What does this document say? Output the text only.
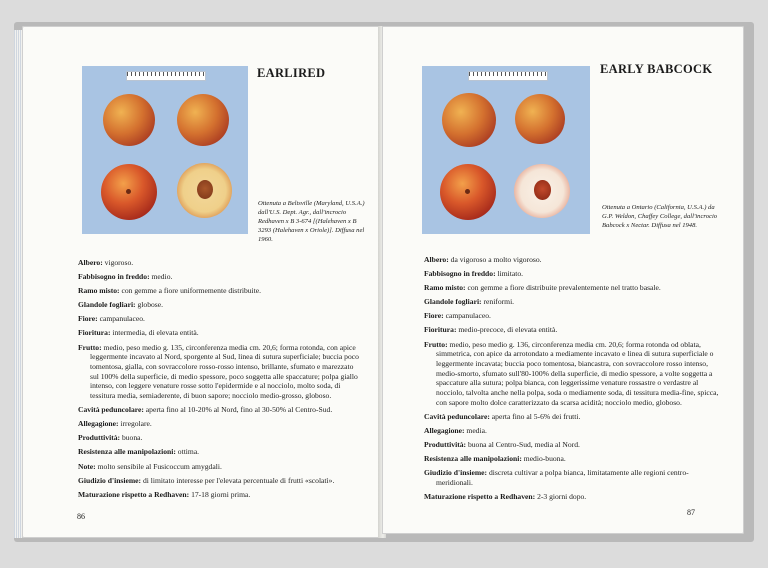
EARLIRED
Ottenuta a Beltsville (Maryland, U.S.A.) dall'U.S. Dept. Agr., dall'incrocio Redhaven x B 3-674 [(Halehaven x B 3293 (Halehaven x Oriole)]. Diffusa nel 1960.
Albero: vigoroso.
Fabbisogno in freddo: medio.
Ramo misto: con gemme a fiore uniformemente distribuite.
Glandole fogliari: globose.
Fiore: campanulaceo.
Fioritura: intermedia, di elevata entità.
Frutto: medio, peso medio g. 135, circonferenza media cm. 20,6; forma rotonda, con apice leggermente incavato al Nord, sporgente al Sud, linea di sutura superficiale; buccia poco tomentosa, gialla, con sovraccolore rosso-rosso intenso, brillante, sfumato e marezzato sul 100% della superficie, di medio spessore, poco soggetta alle spaccature; polpa giallo intenso, con leggere venature rosse sotto l'epidermide e al nocciolo, molto soda, di tessitura media, semiaderente, di buon sapore; nocciolo medio-grosso, globoso.
Cavità peduncolare: aperta fino al 10-20% al Nord, fino al 30-50% al Centro-Sud.
Allegagione: irregolare.
Produttività: buona.
Resistenza alle manipolazioni: ottima.
Note: molto sensibile al Fusicoccum amygdali.
Giudizio d'insieme: di limitato interesse per l'elevata percentuale di frutti «scolatì».
Maturazione rispetto a Redhaven: 17-18 giorni prima.
86
EARLY BABCOCK
Ottenuta a Ontario (California, U.S.A.) da G.P. Weldon, Chaffey College, dall'incrocio Babcock x Nectar. Diffusa nel 1948.
Albero: da vigoroso a molto vigoroso.
Fabbisogno in freddo: limitato.
Ramo misto: con gemme a fiore distribuite prevalentemente nel tratto basale.
Glandole fogliari: reniformi.
Fiore: campanulaceo.
Fioritura: medio-precoce, di elevata entità.
Frutto: medio, peso medio g. 136, circonferenza media cm. 20,6; forma rotonda od oblata, simmetrica, con apice da arrotondato a mediamente incavato e linea di sutura superficiale o leggermente incavata; buccia poco tomentosa, biancastra, con sovraccolore rosso intenso, medio-smorto, sfumato sull'80-100% della superficie, di medio spessore, a volte soggetta a spaccature alla sutura; polpa bianca, con leggerissime venature rossastre o verdastre al nocciolo, talvolta anche nella polpa, soda o mediamente soda, di tessitura media-fine, spicca, con sapore molto dolce caratterizzato da scarsa acidità; nocciolo medio, globoso.
Cavità peduncolare: aperta fino al 5-6% dei frutti.
Allegagione: media.
Produttività: buona al Centro-Sud, media al Nord.
Resistenza alle manipolazioni: medio-buona.
Giudizio d'insieme: discreta cultivar a polpa bianca, limitatamente alle regioni centro-meridionali.
Maturazione rispetto a Redhaven: 2-3 giorni dopo.
87
